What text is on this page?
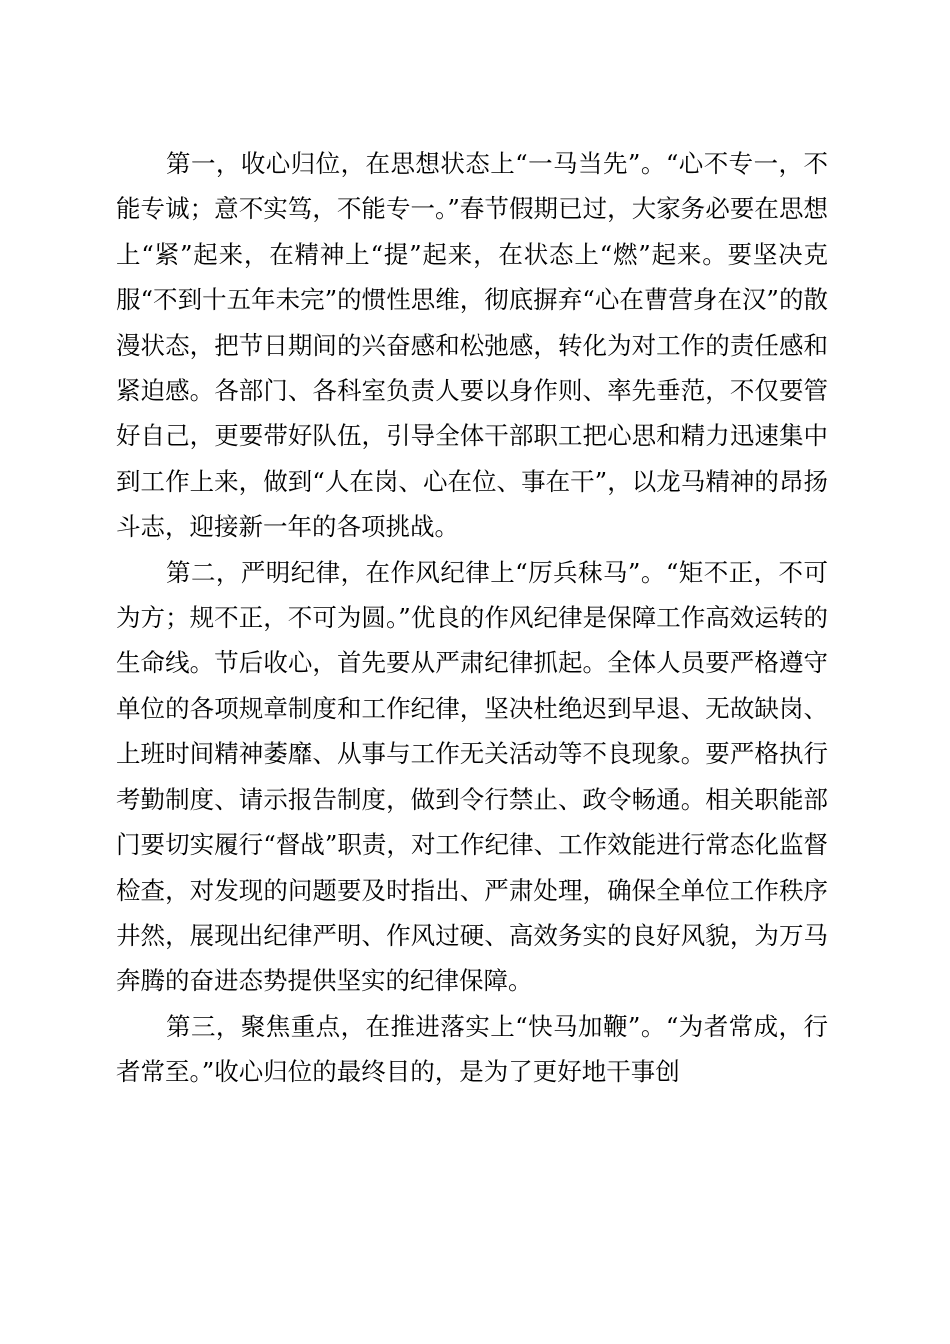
第一，收心归位，在思想状态上“一马当先”。“心不专一，不能专诚；意不实笃，不能专一。”春节假期已过，大家务必要在思想上“紧”起来，在精神上“提”起来，在状态上“燃”起来。要坚决克服“不到十五年未完”的惯性思维，彻底摒弃“心在曹营身在汉”的散漫状态，把节日期间的兴奋感和松弛感，转化为对工作的责任感和紧迫感。各部门、各科室负责人要以身作则、率先垂范，不仅要管好自己，更要带好队伍，引导全体干部职工把心思和精力迅速集中到工作上来，做到“人在岗、心在位、事在干”，以龙马精神的昂扬斗志，迎接新一年的各项挑战。

第二，严明纪律，在作风纪律上“厉兵秣马”。“矩不正，不可为方；规不正，不可为圆。”优良的作风纪律是保障工作高效运转的生命线。节后收心，首先要从严肃纪律抓起。全体人员要严格遵守单位的各项规章制度和工作纪律，坚决杜绝迟到早退、无故缺岗、上班时间精神萎靡、从事与工作无关活动等不良现象。要严格执行考勤制度、请示报告制度，做到令行禁止、政令畅通。相关职能部门要切实履行“督战”职责，对工作纪律、工作效能进行常态化监督检查，对发现的问题要及时指出、严肃处理，确保全单位工作秩序井然，展现出纪律严明、作风过硬、高效务实的良好风貌，为万马奔腾的奋进态势提供坚实的纪律保障。

第三，聚焦重点，在推进落实上“快马加鞭”。“为者常成，行者常至。”收心归位的最终目的，是为了更好地干事创
